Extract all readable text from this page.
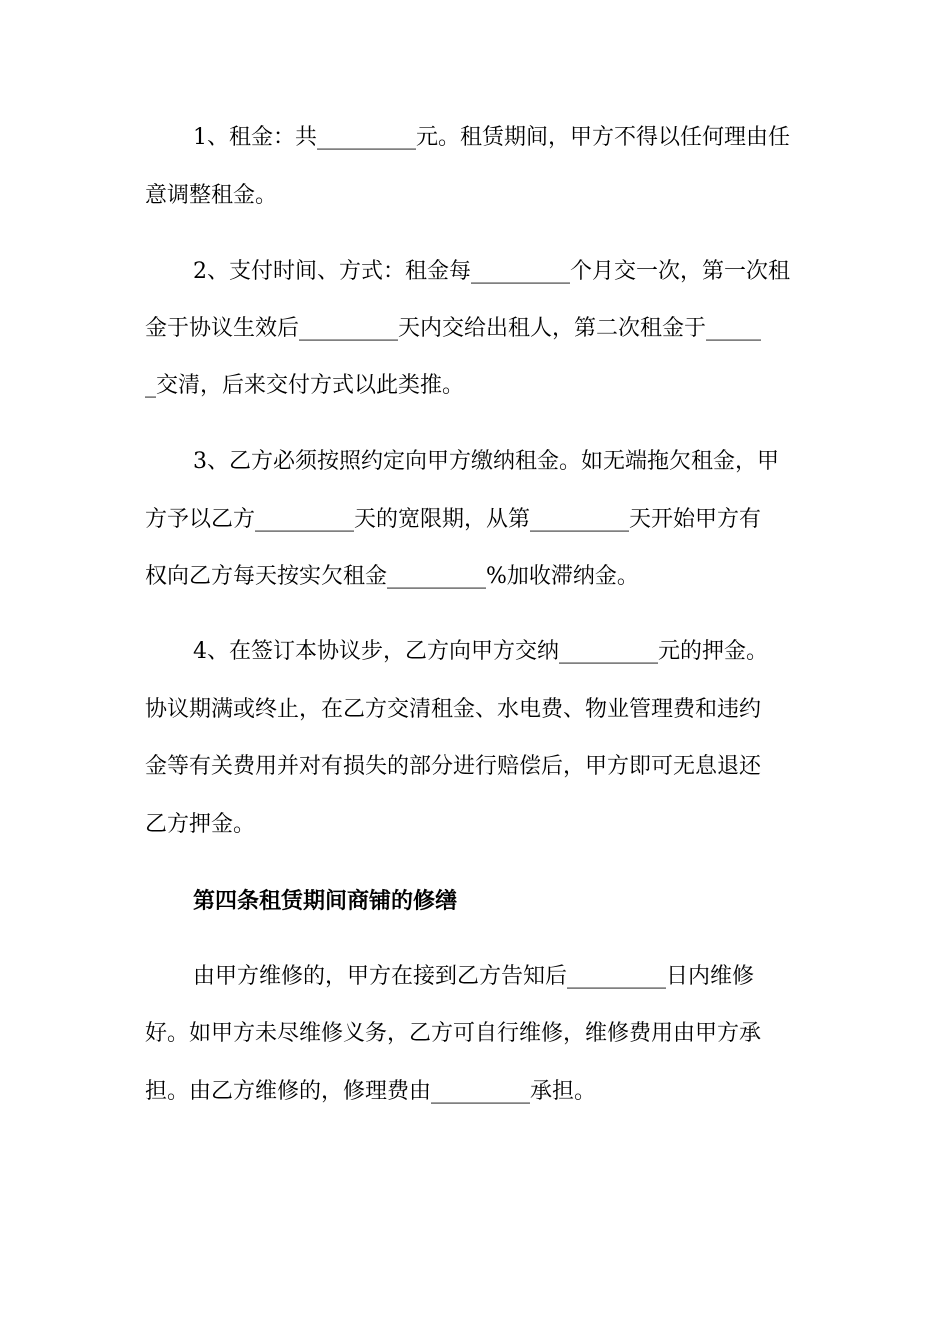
1、租金：共_________元。租赁期间，甲方不得以任何理由任
意调整租金。
2、支付时间、方式：租金每_________个月交一次，第一次租
金于协议生效后_________天内交给出租人，第二次租金于_____
_交清，后来交付方式以此类推。
3、乙方必须按照约定向甲方缴纳租金。如无端拖欠租金，甲
方予以乙方_________天的宽限期，从第_________天开始甲方有
权向乙方每天按实欠租金_________%加收滞纳金。
4、在签订本协议步，乙方向甲方交纳_________元的押金。
协议期满或终止，在乙方交清租金、水电费、物业管理费和违约
金等有关费用并对有损失的部分进行赔偿后，甲方即可无息退还
乙方押金。
第四条租赁期间商铺的修缮
由甲方维修的，甲方在接到乙方告知后_________日内维修
好。如甲方未尽维修义务，乙方可自行维修，维修费用由甲方承
担。由乙方维修的，修理费由_________承担。
